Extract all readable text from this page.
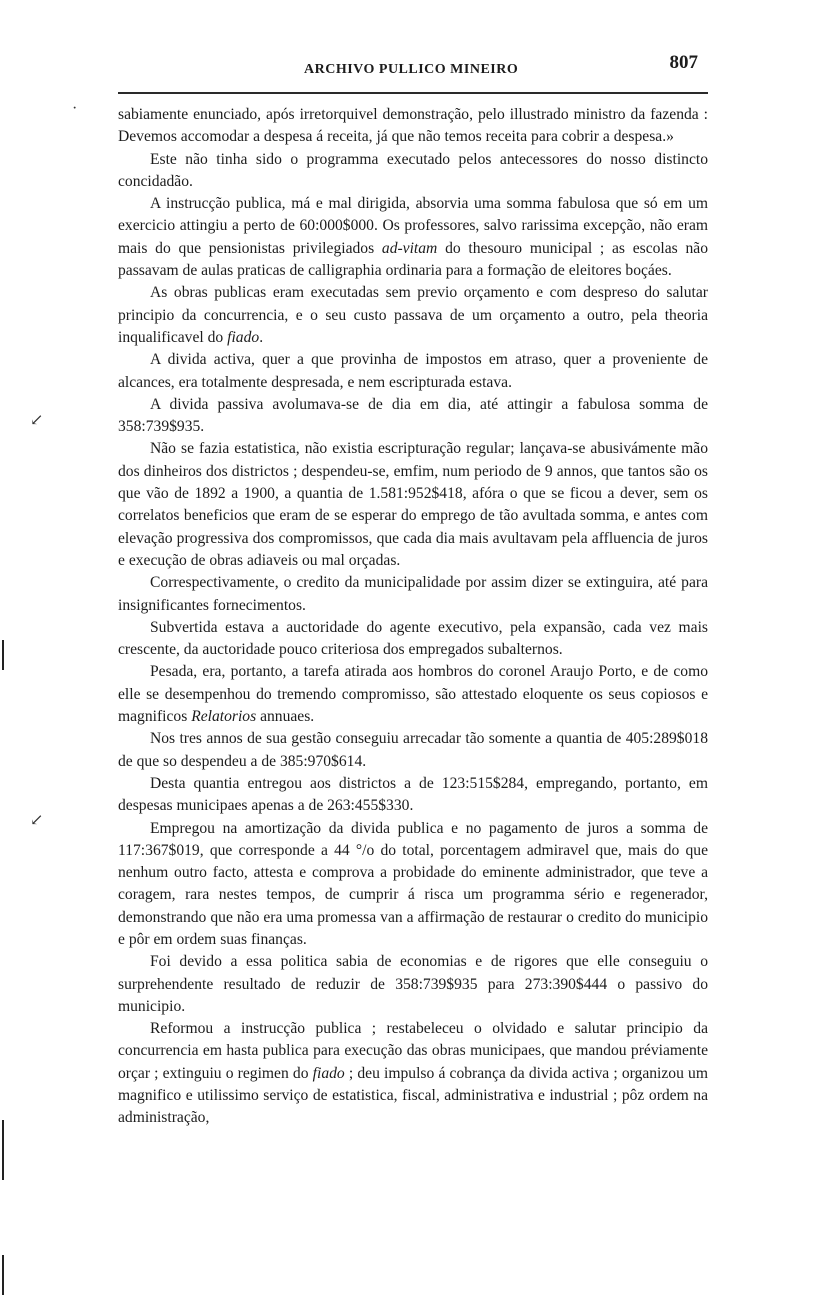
ARCHIVO PULLICO MINEIRO	807

sabiamente enunciado, após irretorquivel demonstração, pelo illustrado ministro da fazenda : Devemos accomodar a despesa á receita, já que não temos receita para cobrir a despesa.»

Este não tinha sido o programma executado pelos antecessores do nosso distincto concidadão.

A instrucção publica, má e mal dirigida, absorvia uma somma fabulosa que só em um exercicio attingiu a perto de 60:000$000. Os professores, salvo rarissima excepção, não eram mais do que pensionistas privilegiados ad-vitam do thesouro municipal ; as escolas não passavam de aulas praticas de calligraphia ordinaria para a formação de eleitores boçáes.

As obras publicas eram executadas sem previo orçamento e com despreso do salutar principio da concurrencia, e o seu custo passava de um orçamento a outro, pela theoria inqualificavel do fiado.

A divida activa, quer a que provinha de impostos em atraso, quer a proveniente de alcances, era totalmente despresada, e nem escripturada estava.

A divida passiva avolumava-se de dia em dia, até attingir a fabulosa somma de 358:739$935.

Não se fazia estatistica, não existia escripturação regular; lançava-se abusivámente mão dos dinheiros dos districtos ; despendeu-se, emfim, num periodo de 9 annos, que tantos são os que vão de 1892 a 1900, a quantia de 1.581:952$418, afóra o que se ficou a dever, sem os correlatos beneficios que eram de se esperar do emprego de tão avultada somma, e antes com elevação progressiva dos compromissos, que cada dia mais avultavam pela affluencia de juros e execução de obras adiaveis ou mal orçadas.

Correspectivamente, o credito da municipalidade por assim dizer se extinguira, até para insignificantes fornecimentos.

Subvertida estava a auctoridade do agente executivo, pela expansão, cada vez mais crescente, da auctoridade pouco criteriosa dos empregados subalternos.

Pesada, era, portanto, a tarefa atirada aos hombros do coronel Araujo Porto, e de como elle se desempenhou do tremendo compromisso, são attestado eloquente os seus copiosos e magnificos Relatorios annuaes.

Nos tres annos de sua gestão conseguiu arrecadar tão somente a quantia de 405:289$018 de que so despendeu a de 385:970$614.

Desta quantia entregou aos districtos a de 123:515$284, empregando, portanto, em despesas municipaes apenas a de 263:455$330.

Empregou na amortização da divida publica e no pagamento de juros a somma de 117:367$019, que corresponde a 44 °/o do total, porcentagem admiravel que, mais do que nenhum outro facto, attesta e comprova a probidade do eminente administrador, que teve a coragem, rara nestes tempos, de cumprir á risca um programma sério e regenerador, demonstrando que não era uma promessa van a affirmação de restaurar o credito do municipio e pôr em ordem suas finanças.

Foi devido a essa politica sabia de economias e de rigores que elle conseguiu o surprehendente resultado de reduzir de 358:739$935 para 273:390$444 o passivo do municipio.

Reformou a instrucção publica ; restabeleceu o olvidado e salutar principio da concurrencia em hasta publica para execução das obras municipaes, que mandou préviamente orçar ; extinguiu o regimen do fiado ; deu impulso á cobrança da divida activa ; organizou um magnifico e utilissimo serviço de estatistica, fiscal, administrativa e industrial ; pôz ordem na administração,

·
↙
↙
